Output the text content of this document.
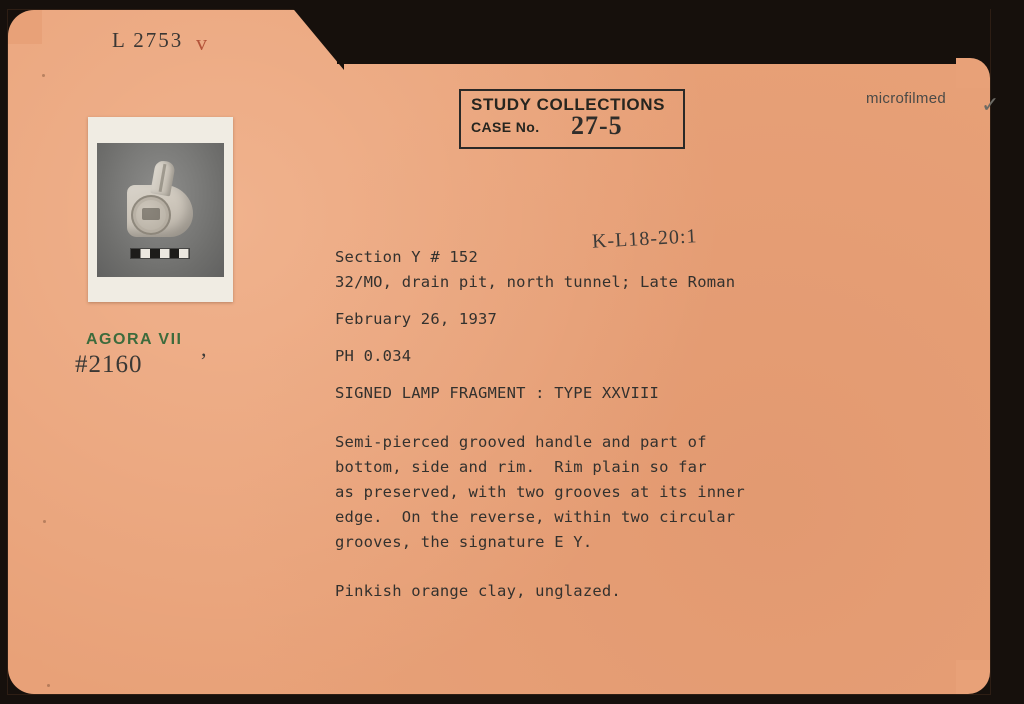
L 2753 v
AGORA VII ,
#2160
STUDY COLLECTIONS
CASE No. 27-5
microfilmed ✓
K-L18-20:1
Section Y # 152
32/MO, drain pit, north tunnel; Late Roman
February 26, 1937
PH 0.034
SIGNED LAMP FRAGMENT : TYPE XXVIII
Semi-pierced grooved handle and part of
bottom, side and rim.  Rim plain so far
as preserved, with two grooves at its inner
edge.  On the reverse, within two circular
grooves, the signature E Y.
Pinkish orange clay, unglazed.
